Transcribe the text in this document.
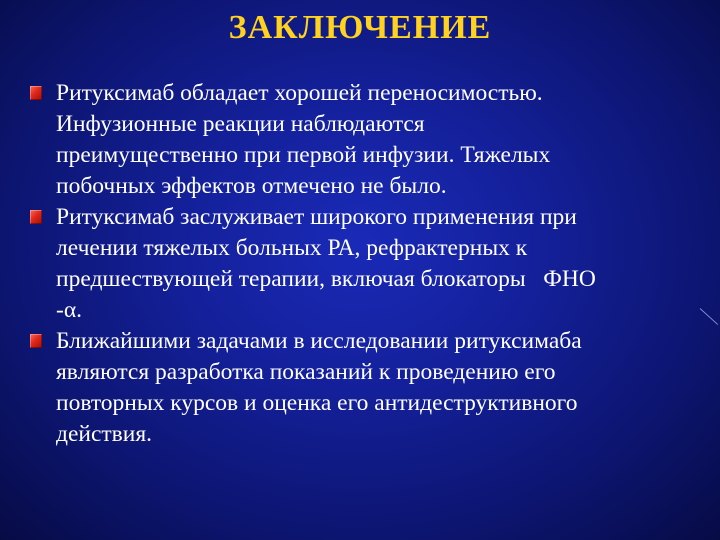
ЗАКЛЮЧЕНИЕ
Ритуксимаб обладает хорошей переносимостью.
Инфузионные реакции наблюдаются
преимущественно при первой инфузии. Тяжелых
побочных эффектов отмечено не было.
Ритуксимаб заслуживает широкого применения при
лечении тяжелых больных РА, рефрактерных к
предшествующей терапии, включая блокаторы   ФНО
-α.
Ближайшими задачами в исследовании ритуксимаба
являются разработка показаний к проведению его
повторных курсов и оценка его антидеструктивного
действия.
